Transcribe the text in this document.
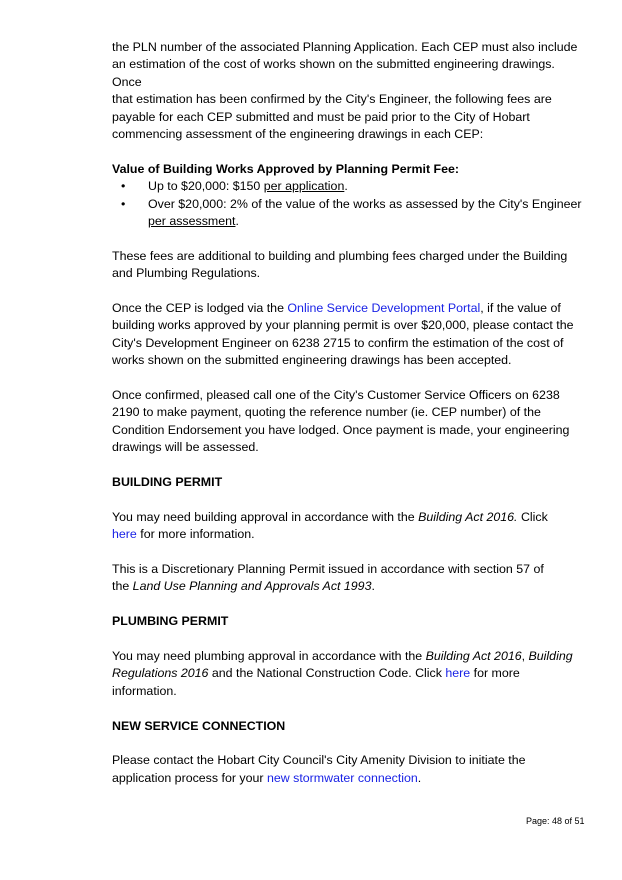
the PLN number of the associated Planning Application. Each CEP must also include

an estimation of the cost of works shown on the submitted engineering drawings. Once

that estimation has been confirmed by the City's Engineer, the following fees are

payable for each CEP submitted and must be paid prior to the City of Hobart

commencing assessment of the engineering drawings in each CEP:

Value of Building Works Approved by Planning Permit Fee:

• Up to $20,000: $150 per application.
• Over $20,000: 2% of the value of the works as assessed by the City's Engineer per assessment.

These fees are additional to building and plumbing fees charged under the Building

and Plumbing Regulations.

Once the CEP is lodged via the Online Service Development Portal, if the value of

building works approved by your planning permit is over $20,000, please contact the

City's Development Engineer on 6238 2715 to confirm the estimation of the cost of

works shown on the submitted engineering drawings has been accepted.

Once confirmed, pleased call one of the City's Customer Service Officers on 6238

2190 to make payment, quoting the reference number (ie. CEP number) of the

Condition Endorsement you have lodged. Once payment is made, your engineering

drawings will be assessed.

BUILDING PERMIT

You may need building approval in accordance with the Building Act 2016. Click

here for more information.

This is a Discretionary Planning Permit issued in accordance with section 57 of

the Land Use Planning and Approvals Act 1993.

PLUMBING PERMIT

You may need plumbing approval in accordance with the Building Act 2016, Building

Regulations 2016 and the National Construction Code. Click here for more

information.

NEW SERVICE CONNECTION

Please contact the Hobart City Council's City Amenity Division to initiate the

application process for your new stormwater connection.

Page: 48 of 51
